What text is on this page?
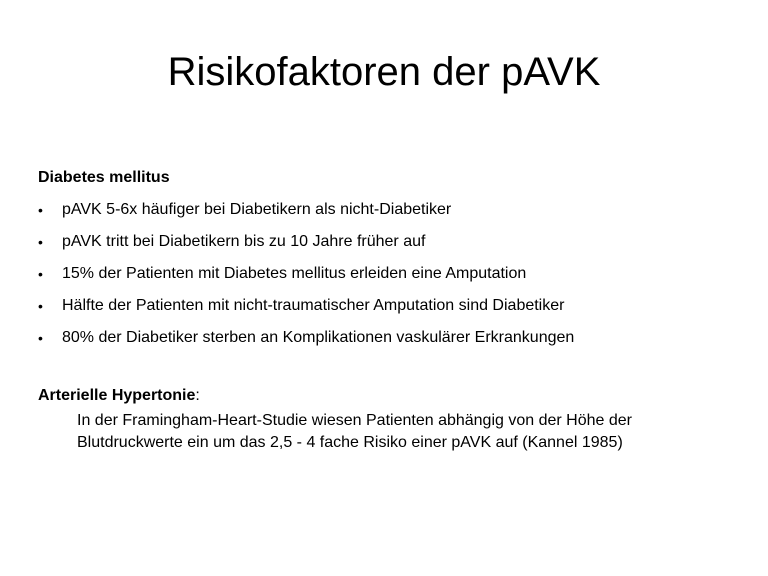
Risikofaktoren der pAVK
Diabetes mellitus
•	pAVK 5-6x häufiger bei Diabetikern als nicht-Diabetiker
•	pAVK tritt bei Diabetikern bis zu 10 Jahre früher auf
•	15% der Patienten mit Diabetes mellitus erleiden eine Amputation
•	Hälfte der Patienten mit nicht-traumatischer Amputation sind Diabetiker
•	80% der Diabetiker sterben an Komplikationen vaskulärer Erkrankungen
Arterielle Hypertonie:

In der Framingham-Heart-Studie wiesen Patienten abhängig von der Höhe der Blutdruckwerte ein um das 2,5 - 4 fache Risiko einer pAVK auf (Kannel 1985)
